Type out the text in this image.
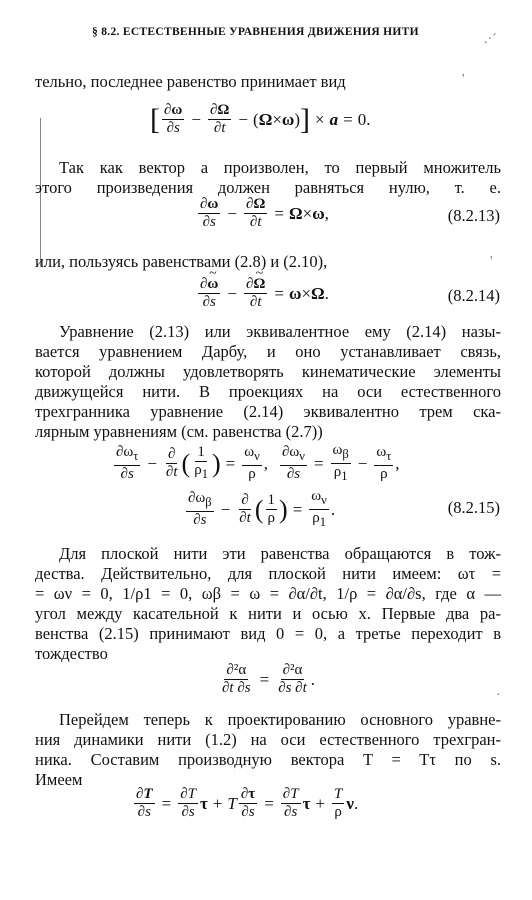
§ 8.2. ЕСТЕСТВЕННЫЕ УРАВНЕНИЯ ДВИЖЕНИЯ НИТИ	.·´
'
тельно, последнее равенство принимает вид
[ $\frac{\partial\omega}{\partial s} - \frac{\partial\Omega}{\partial t} - (\Omega\times\omega)$ ] × a = 0.
Так как вектор a произволен, то первый множитель
этого произведения должен равняться нулю, т. е.
$\frac{\partial\omega}{\partial s} - \frac{\partial\Omega}{\partial t} = \Omega\times\omega$,	(8.2.13)
или, пользуясь равенствами (2.8) и (2.10),	'
$\frac{\partial\sim \omega}{\partial s} - \frac{\partial\sim \Omega}{\partial t} = \omega\times\Omega$.	(8.2.14)
Уравнение (2.13) или эквивалентное ему (2.14) назы-
вается уравнением Дарбу, и оно устанавливает связь,
которой должны удовлетворять кинематические элементы
движущейся нити. В проекциях на оси естественного
трехгранника уравнение (2.14) эквивалентно трем ска-
лярным уравнениям (см. равенства (2.7))
$\frac{\partial\omega_\tau}{\partial s} - \frac{\partial}{\partial t}$ ( $\frac{1}{\rho_1}$ ) = $\frac{\omega_\nu}{\rho}$ , $\frac{\partial\omega_\nu}{\partial s} = \frac{\omega_\beta}{\rho_1} - \frac{\omega_\tau}{\rho}$ ,
$\frac{\partial\omega_\beta}{\partial s} - \frac{\partial}{\partial t}$ ( $\frac{1}{\rho}$ ) = $\frac{\omega_\nu}{\rho_1}$ .	(8.2.15)
Для плоской нити эти равенства обращаются в тож-
дества. Действительно, для плоской нити имеем: ωτ =
= ων = 0, 1/ρ1 = 0, ωβ = ω = ∂α/∂t, 1/ρ = ∂α/∂s, где α —
угол между касательной к нити и осью x. Первые два ра-
венства (2.15) принимают вид 0 = 0, а третье переходит в
тождество
$\frac{\text{∂²α}}{\partial t \partial s} = \frac{\text{∂²α}}{\partial s \partial t}$ .
·
Перейдем теперь к проектированию основного уравне-
ния динамики нити (1.2) на оси естественного трехгран-
ника. Составим производную вектора T = Tτ по s.
Имеем
$\frac{\partial T}{\partial s} = \frac{\partial T}{\partial s}$ τ + T $\frac{\partial\tau}{\partial s} = \frac{\partial T}{\partial s}$ $\tau + \frac{T}{\rho}$ ν .
